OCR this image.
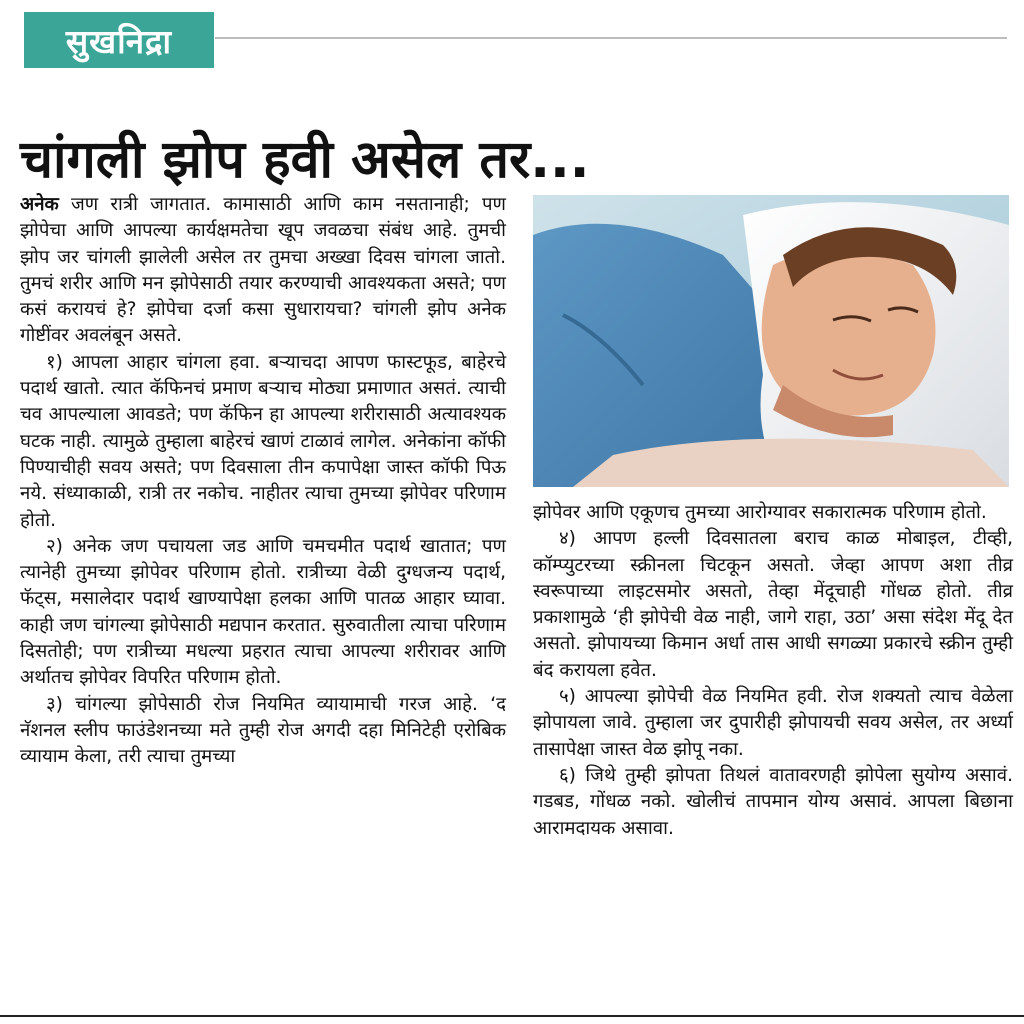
सुखनिद्रा
चांगली झोप हवी असेल तर...

अनेक जण रात्री जागतात. कामासाठी आणि काम नसतानाही; पण झोपेचा आणि आपल्या कार्यक्षमतेचा खूप जवळचा संबंध आहे. तुमची झोप जर चांगली झालेली असेल तर तुमचा अख्खा दिवस चांगला जातो. तुमचं शरीर आणि मन झोपेसाठी तयार करण्याची आवश्यकता असते; पण कसं करायचं हे? झोपेचा दर्जा कसा सुधारायचा? चांगली झोप अनेक गोष्टींवर अवलंबून असते.

१) आपला आहार चांगला हवा. बऱ्याचदा आपण फास्टफूड, बाहेरचे पदार्थ खातो. त्यात कॅफिनचं प्रमाण बऱ्याच मोठ्या प्रमाणात असतं. त्याची चव आपल्याला आवडते; पण कॅफिन हा आपल्या शरीरासाठी अत्यावश्यक घटक नाही. त्यामुळे तुम्हाला बाहेरचं खाणं टाळावं लागेल. अनेकांना कॉफी पिण्याचीही सवय असते; पण दिवसाला तीन कपापेक्षा जास्त कॉफी पिऊ नये. संध्याकाळी, रात्री तर नकोच. नाहीतर त्याचा तुमच्या झोपेवर परिणाम होतो.

२) अनेक जण पचायला जड आणि चमचमीत पदार्थ खातात; पण त्यानेही तुमच्या झोपेवर परिणाम होतो. रात्रीच्या वेळी दुग्धजन्य पदार्थ, फॅट्स, मसालेदार पदार्थ खाण्यापेक्षा हलका आणि पातळ आहार घ्यावा. काही जण चांगल्या झोपेसाठी मद्यपान करतात. सुरुवातीला त्याचा परिणाम दिसतोही; पण रात्रीच्या मधल्या प्रहरात त्याचा आपल्या शरीरावर आणि अर्थातच झोपेवर विपरित परिणाम होतो.

३) चांगल्या झोपेसाठी रोज नियमित व्यायामाची गरज आहे. ‘द नॅशनल स्लीप फाउंडेशनच्या मते तुम्ही रोज अगदी दहा मिनिटेही एरोबिक व्यायाम केला, तरी त्याचा तुमच्या

झोपेवर आणि एकूणच तुमच्या आरोग्यावर सकारात्मक परिणाम होतो.

४) आपण हल्ली दिवसातला बराच काळ मोबाइल, टीव्ही, कॉम्प्युटरच्या स्क्रीनला चिटकून असतो. जेव्हा आपण अशा तीव्र स्वरूपाच्या लाइटसमोर असतो, तेव्हा मेंदूचाही गोंधळ होतो. तीव्र प्रकाशामुळे ‘ही झोपेची वेळ नाही, जागे राहा, उठा’ असा संदेश मेंदू देत असतो. झोपायच्या किमान अर्धा तास आधी सगळ्या प्रकारचे स्क्रीन तुम्ही बंद करायला हवेत.

५) आपल्या झोपेची वेळ नियमित हवी. रोज शक्यतो त्याच वेळेला झोपायला जावे. तुम्हाला जर दुपारीही झोपायची सवय असेल, तर अर्ध्या तासापेक्षा जास्त वेळ झोपू नका.

६) जिथे तुम्ही झोपता तिथलं वातावरणही झोपेला सुयोग्य असावं. गडबड, गोंधळ नको. खोलीचं तापमान योग्य असावं. आपला बिछाना आरामदायक असावा.
